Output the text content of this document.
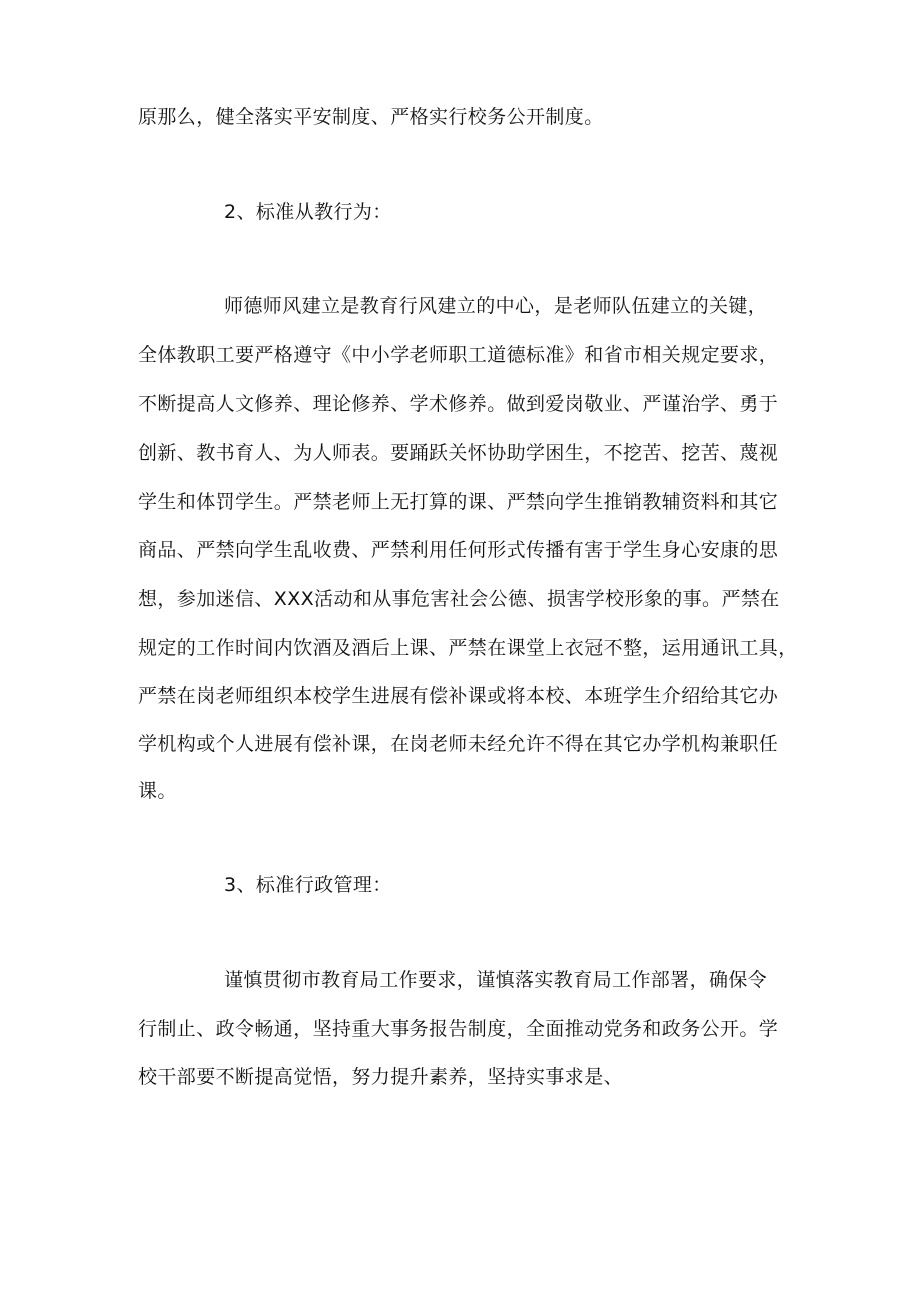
原那么，健全落实平安制度、严格实行校务公开制度。
2、标准从教行为：
师德师风建立是教育行风建立的中心，是老师队伍建立的关键，
全体教职工要严格遵守《中小学老师职工道德标准》和省市相关规定要求，
不断提高人文修养、理论修养、学术修养。做到爱岗敬业、严谨治学、勇于
创新、教书育人、为人师表。要踊跃关怀协助学困生，不挖苦、挖苦、蔑视
学生和体罚学生。严禁老师上无打算的课、严禁向学生推销教辅资料和其它
商品、严禁向学生乱收费、严禁利用任何形式传播有害于学生身心安康的思
想，参加迷信、XXX活动和从事危害社会公德、损害学校形象的事。严禁在
规定的工作时间内饮酒及酒后上课、严禁在课堂上衣冠不整，运用通讯工具，
严禁在岗老师组织本校学生进展有偿补课或将本校、本班学生介绍给其它办
学机构或个人进展有偿补课，在岗老师未经允许不得在其它办学机构兼职任
课。
3、标准行政管理：
谨慎贯彻市教育局工作要求，谨慎落实教育局工作部署，确保令
行制止、政令畅通，坚持重大事务报告制度，全面推动党务和政务公开。学
校干部要不断提高觉悟，努力提升素养，坚持实事求是、
